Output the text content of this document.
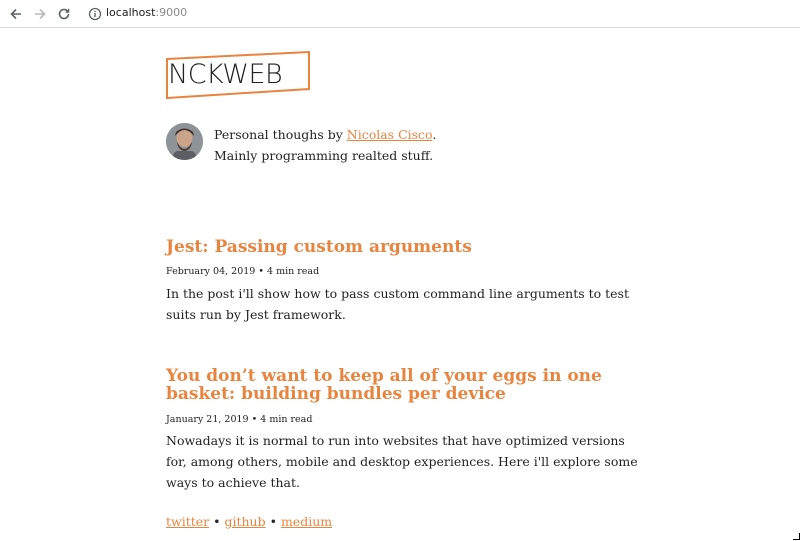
localhost:9000
NCKWEB
Personal thoughs by Nicolas Cisco.
Mainly programming realted stuff.
Jest: Passing custom arguments
February 04, 2019 • 4 min read
In the post i'll show how to pass custom command line arguments to test suits run by Jest framework.
You don’t want to keep all of your eggs in one basket: building bundles per device
January 21, 2019 • 4 min read
Nowadays it is normal to run into websites that have optimized versions for, among others, mobile and desktop experiences. Here i'll explore some ways to achieve that.
twitter • github • medium
